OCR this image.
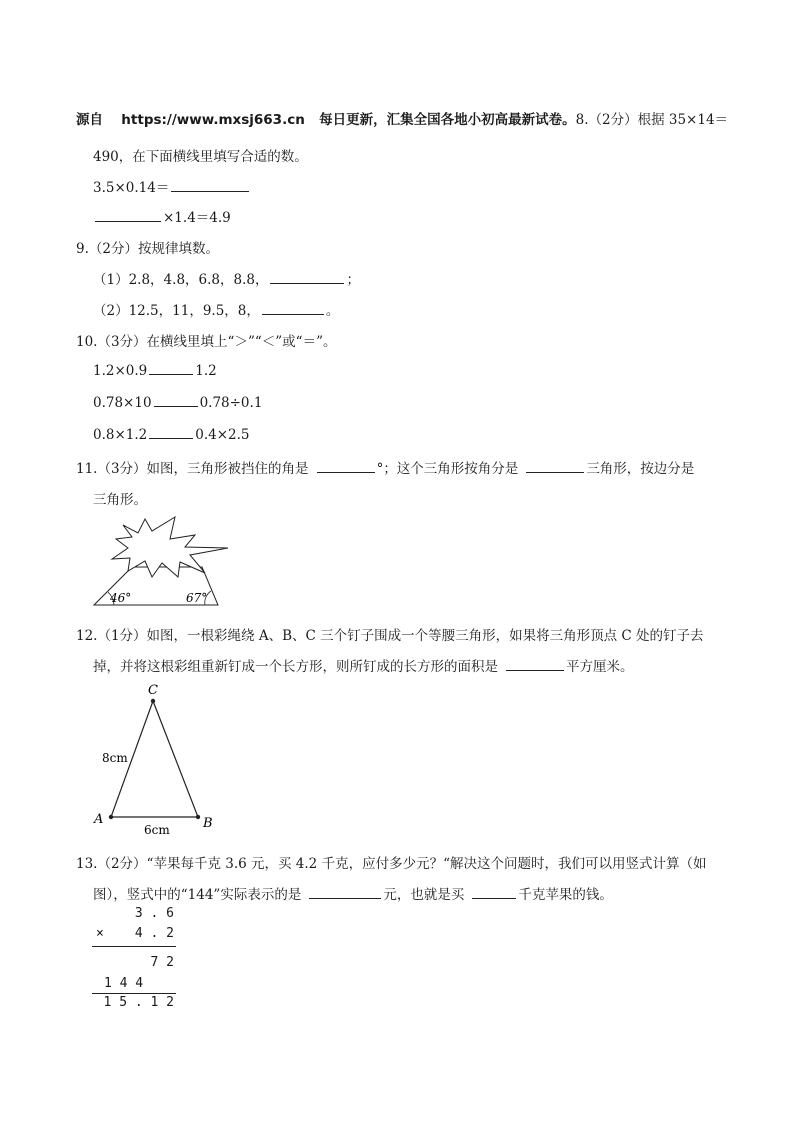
源自 https://www.mxsj663.cn 每日更新，汇集全国各地小初高最新试卷。8.（2分）根据 35×14＝
490，在下面横线里填写合适的数。
3.5×0.14＝
×1.4＝4.9
9.（2分）按规律填数。
（1）2.8，4.8，6.8，8.8，	；
（2）12.5，11，9.5，8，	。
10.（3分）在横线里填上“＞”“＜”或“＝”。
1.2×0.9	1.2
0.78×10	0.78÷0.1
0.8×1.2	0.4×2.5
11.（3分）如图，三角形被挡住的角是	°；这个三角形按角分是	三角形，按边分是
三角形。
46°	67°
12.（1分）如图，一根彩绳绕 A、B、C 三个钉子围成一个等腰三角形，如果将三角形顶点 C 处的钉子去
掉，并将这根彩组重新钉成一个长方形，则所钉成的长方形的面积是	平方厘米。
C
A	B
8cm
6cm
13.（2分）“苹果每千克 3.6 元，买 4.2 千克，应付多少元？“解决这个问题时，我们可以用竖式计算（如
图），竖式中的“144”实际表示的是	元，也就是买	千克苹果的钱。
3 . 6
× 4 . 2
7 2
1 4 4
1 5 . 1 2
